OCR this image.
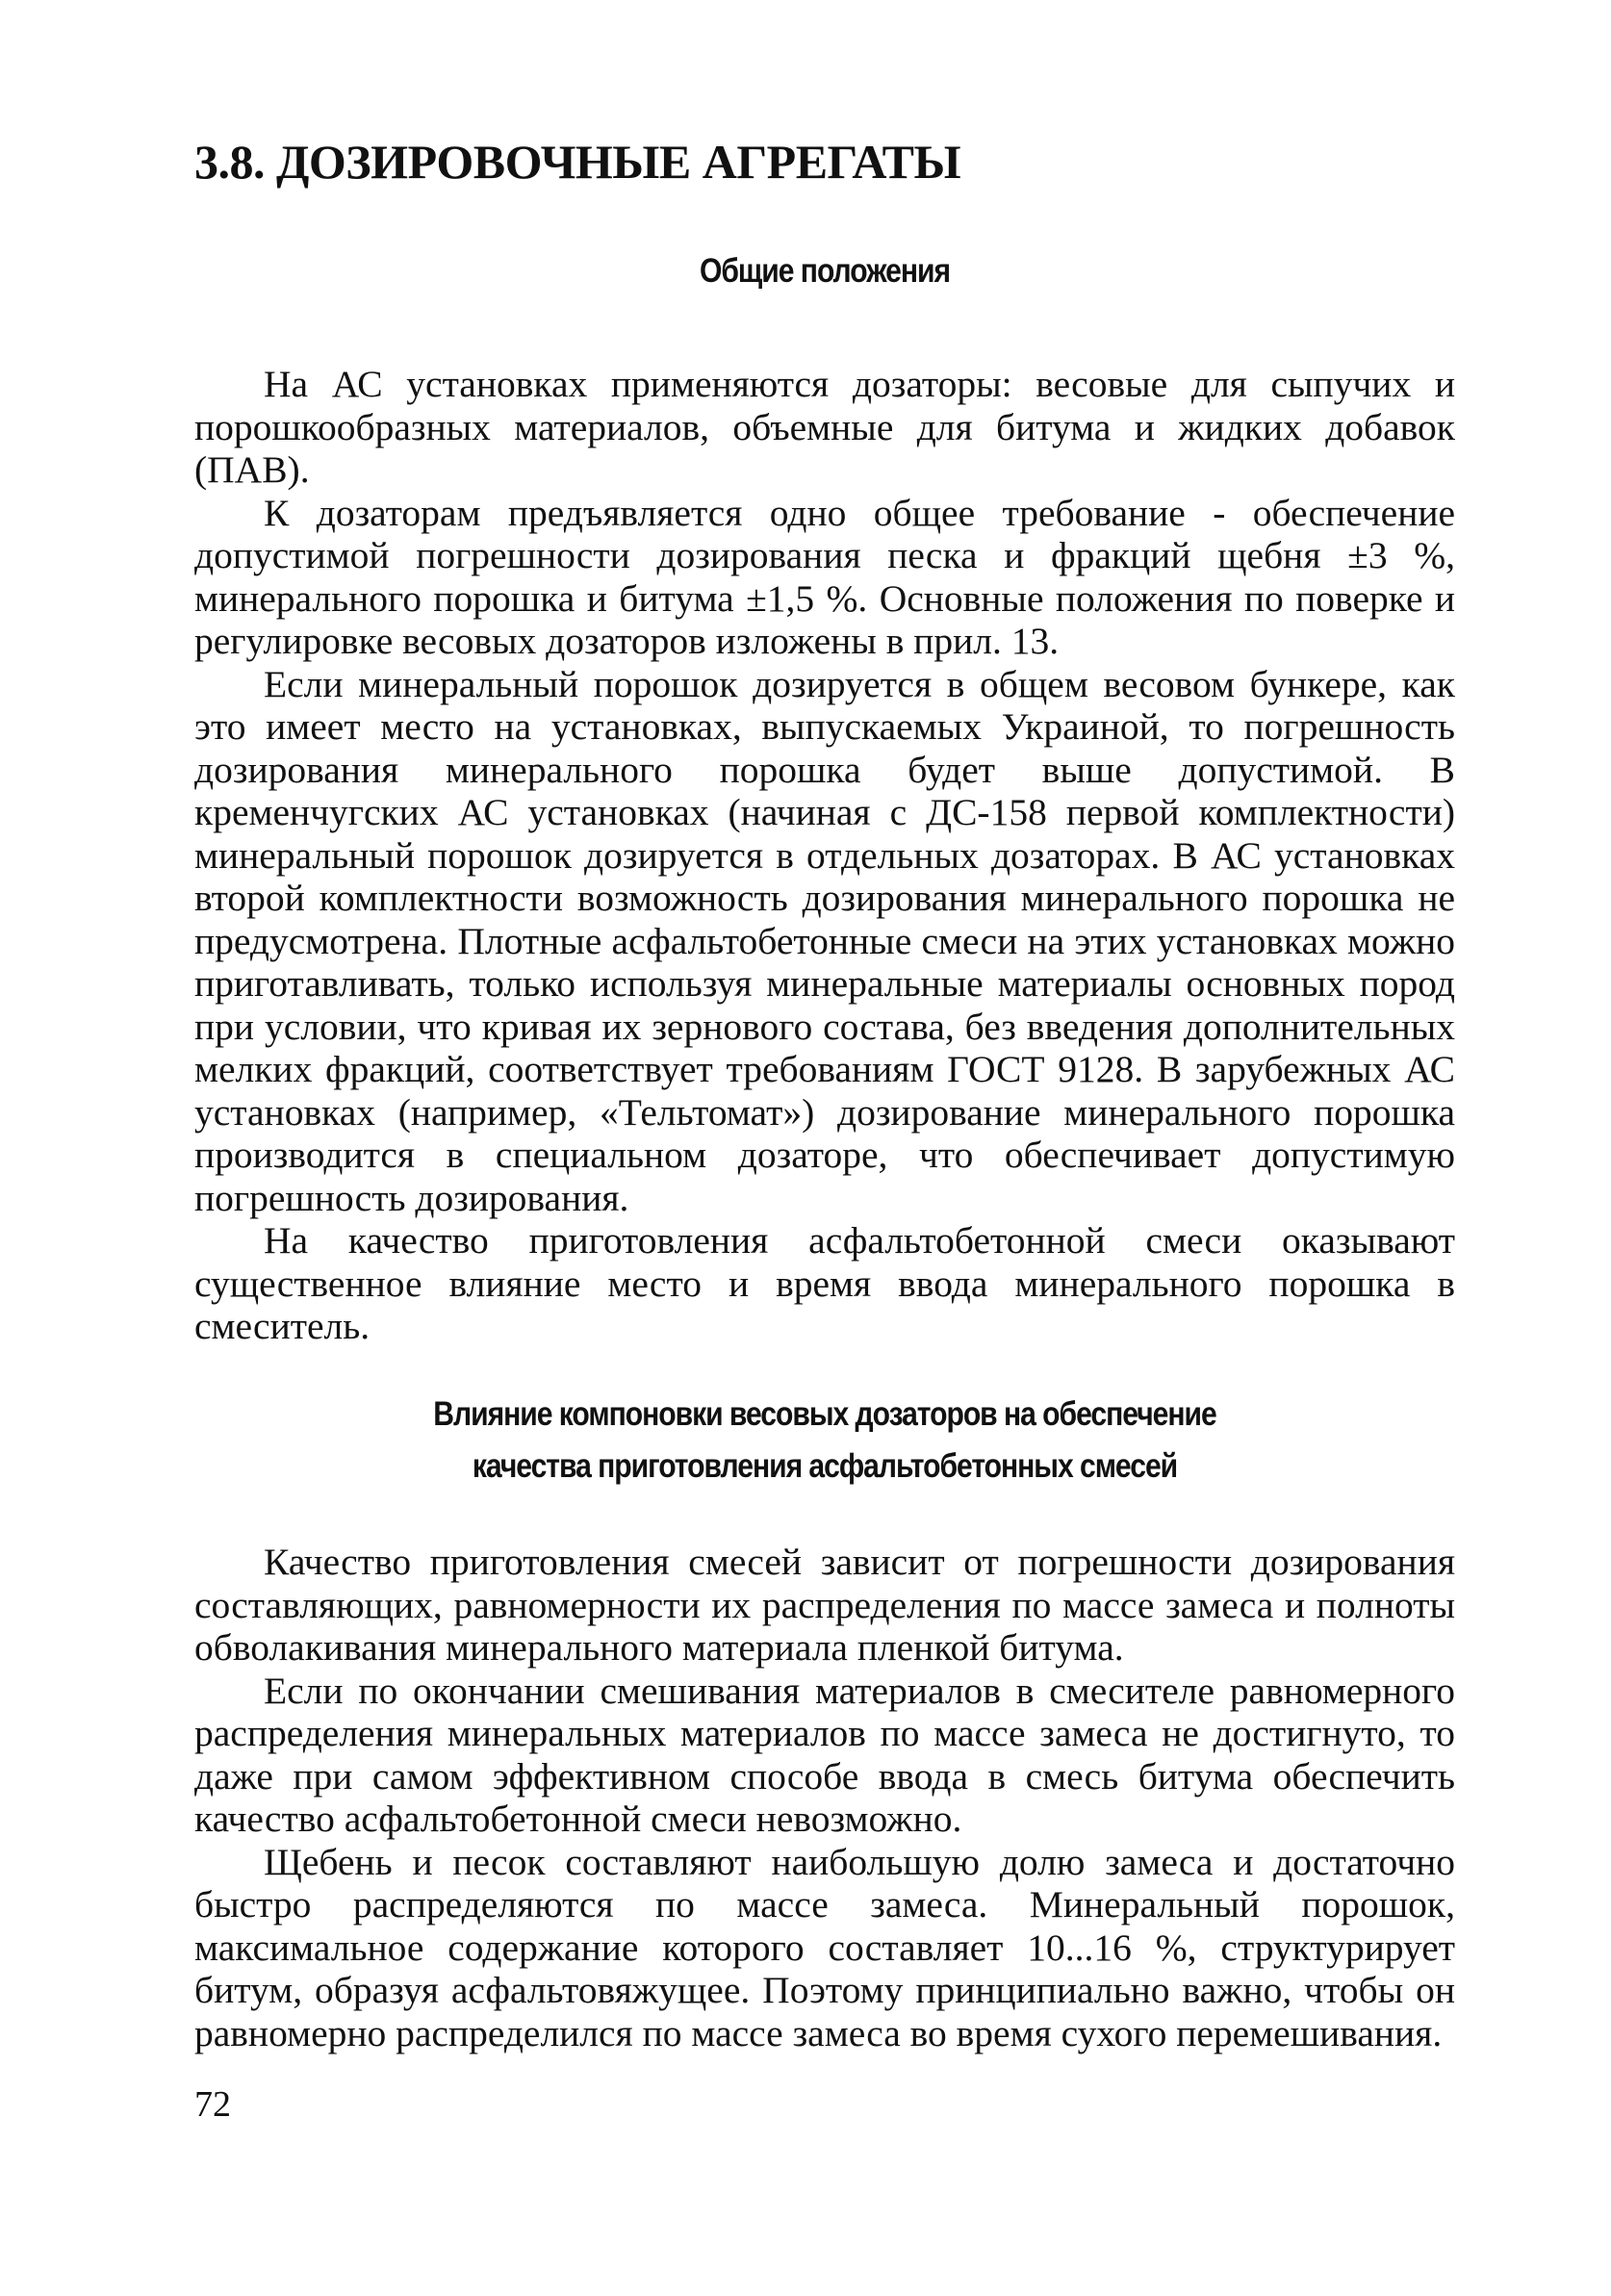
3.8. ДОЗИРОВОЧНЫЕ АГРЕГАТЫ
Общие положения

На АС установках применяются дозаторы: весовые для сыпучих и порошкообразных материалов, объемные для битума и жидких добавок (ПАВ).

К дозаторам предъявляется одно общее требование - обеспечение допустимой погрешности дозирования песка и фракций щебня ±3 %, минерального порошка и битума ±1,5 %. Основные положения по поверке и регулировке весовых дозаторов изложены в прил. 13.

Если минеральный порошок дозируется в общем весовом бункере, как это имеет место на установках, выпускаемых Украиной, то погрешность дозирования минерального порошка будет выше допустимой. В кременчугских АС установках (начиная с ДС-158 первой комплектности) минеральный порошок дозируется в отдельных дозаторах. В АС установках второй комплектности возможность дозирования минерального порошка не предусмотрена. Плотные асфальтобетонные смеси на этих установках можно приготавливать, только используя минеральные материалы основных пород при условии, что кривая их зернового состава, без введения дополнительных мелких фракций, соответствует требованиям ГОСТ 9128. В зарубежных АС установках (например, «Тельтомат») дозирование минерального порошка производится в специальном дозаторе, что обеспечивает допустимую погрешность дозирования.

На качество приготовления асфальтобетонной смеси оказывают существенное влияние место и время ввода минерального порошка в смеситель.

Влияние компоновки весовых дозаторов на обеспечение
качества приготовления асфальтобетонных смесей

Качество приготовления смесей зависит от погрешности дозирования составляющих, равномерности их распределения по массе замеса и полноты обволакивания минерального материала пленкой битума.

Если по окончании смешивания материалов в смесителе равномерного распределения минеральных материалов по массе замеса не достигнуто, то даже при самом эффективном способе ввода в смесь битума обеспечить качество асфальтобетонной смеси невозможно.

Щебень и песок составляют наибольшую долю замеса и достаточно быстро распределяются по массе замеса. Минеральный порошок, максимальное содержание которого составляет 10...16 %, структурирует битум, образуя асфальтовяжущее. Поэтому принципиально важно, чтобы он равномерно распределился по массе замеса во время сухого перемешивания.

72
